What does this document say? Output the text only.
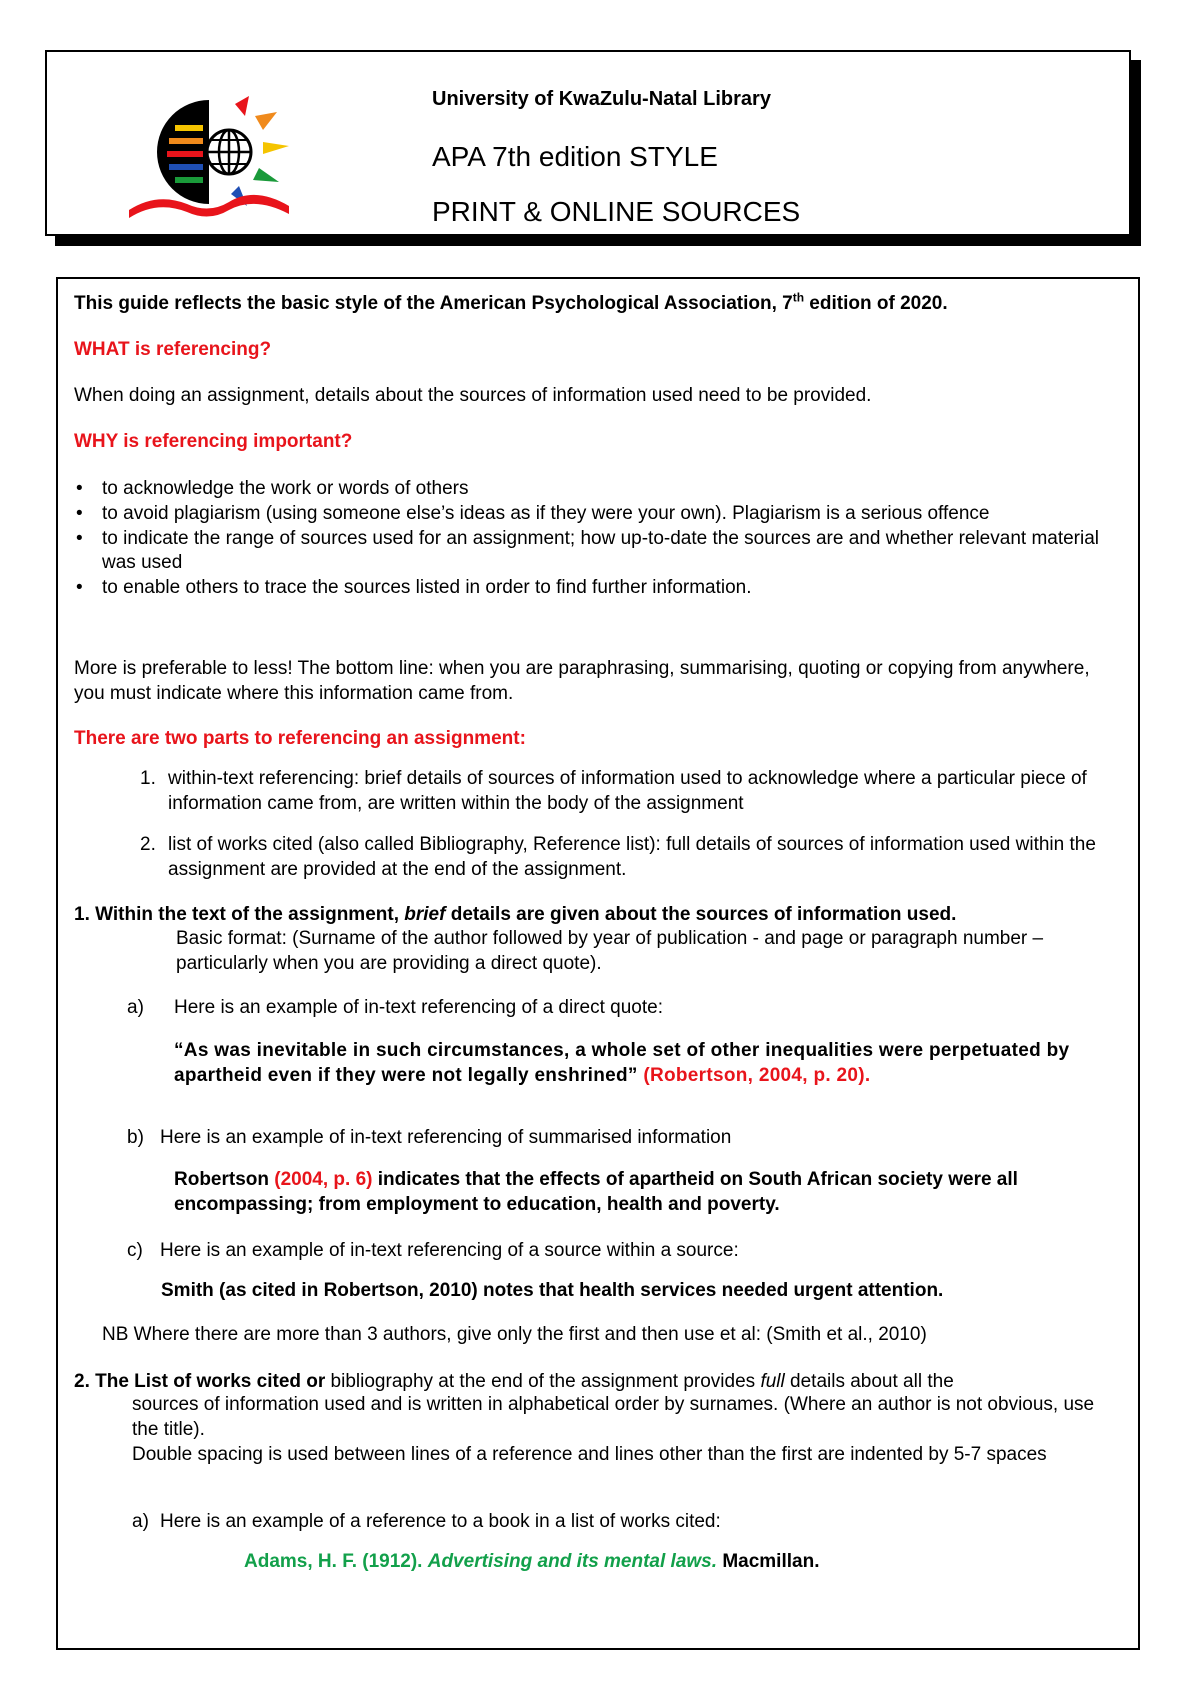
University of KwaZulu-Natal Library
APA 7th edition STYLE
PRINT & ONLINE SOURCES

This guide reflects the basic style of the American Psychological Association, 7th edition of 2020.

WHAT is referencing?

When doing an assignment, details about the sources of information used need to be provided.

WHY is referencing important?

• to acknowledge the work or words of others
• to avoid plagiarism (using someone else’s ideas as if they were your own). Plagiarism is a serious offence
• to indicate the range of sources used for an assignment; how up-to-date the sources are and whether relevant material was used
• to enable others to trace the sources listed in order to find further information.

More is preferable to less! The bottom line: when you are paraphrasing, summarising, quoting or copying from anywhere, you must indicate where this information came from.

There are two parts to referencing an assignment:

1. within-text referencing: brief details of sources of information used to acknowledge where a particular piece of information came from, are written within the body of the assignment
2. list of works cited (also called Bibliography, Reference list): full details of sources of information used within the assignment are provided at the end of the assignment.

1. Within the text of the assignment, brief details are given about the sources of information used.

Basic format: (Surname of the author followed by year of publication - and page or paragraph number – particularly when you are providing a direct quote).

a) Here is an example of in-text referencing of a direct quote:

“As was inevitable in such circumstances, a whole set of other inequalities were perpetuated by apartheid even if they were not legally enshrined” (Robertson, 2004, p. 20).

b) Here is an example of in-text referencing of summarised information

Robertson (2004, p. 6) indicates that the effects of apartheid on South African society were all encompassing; from employment to education, health and poverty.

c) Here is an example of in-text referencing of a source within a source:

Smith (as cited in Robertson, 2010) notes that health services needed urgent attention.

NB Where there are more than 3 authors, give only the first and then use et al: (Smith et al., 2010)

2. The List of works cited or bibliography at the end of the assignment provides full details about all the

sources of information used and is written in alphabetical order by surnames. (Where an author is not obvious, use the title).
Double spacing is used between lines of a reference and lines other than the first are indented by 5-7 spaces

a) Here is an example of a reference to a book in a list of works cited:

Adams, H. F. (1912). Advertising and its mental laws. Macmillan.
